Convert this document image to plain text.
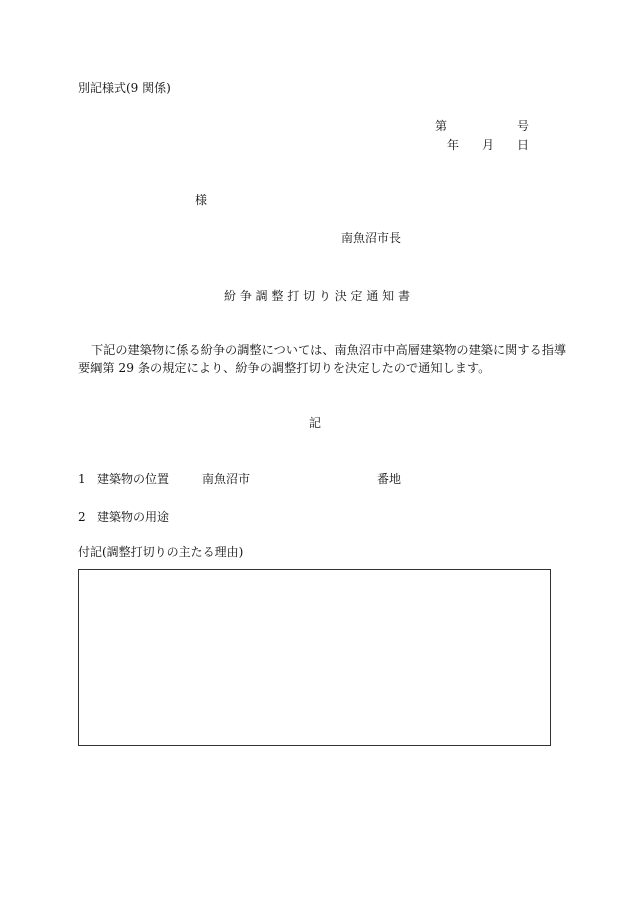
別記様式(9 関係)
第	号
年 月 日
様
南魚沼市長
紛 争 調 整 打 切 り 決 定 通 知 書
下記の建築物に係る紛争の調整については、南魚沼市中高層建築物の建築に関する指導
要綱第 29 条の規定により、紛争の調整打切りを決定したので通知します。
記
1 建築物の位置	南魚沼市	番地
2 建築物の用途
付記(調整打切りの主たる理由)
